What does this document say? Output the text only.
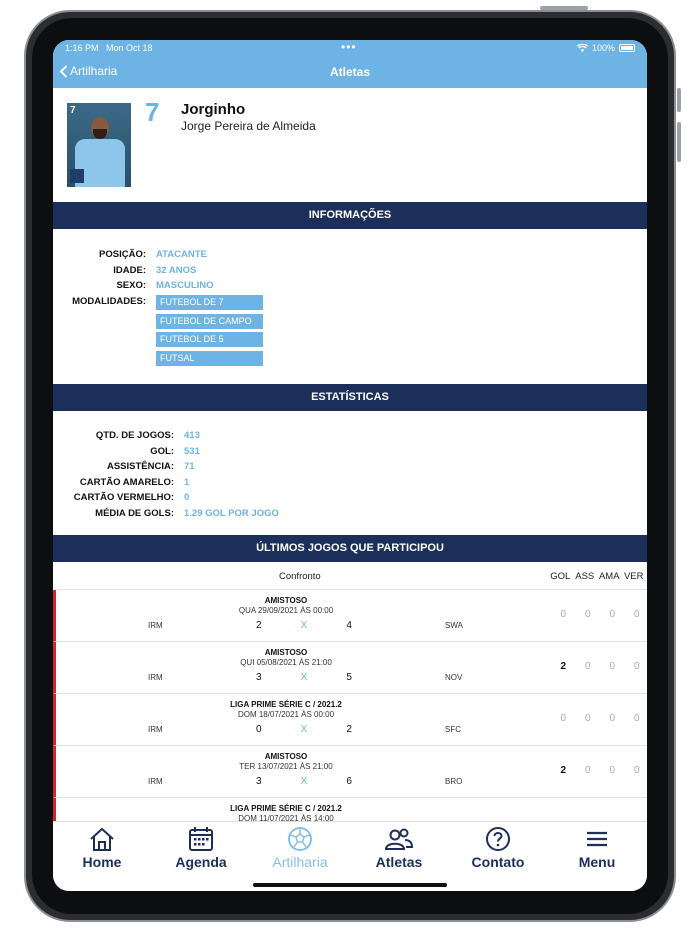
1:16 PM Mon Oct 18	•••	100%
Artilharia	Atletas
7	7 Jorginho
Jorge Pereira de Almeida
INFORMAÇÕES
POSIÇÃO:	ATACANTE
IDADE:	32 ANOS
SEXO:	MASCULINO
MODALIDADES:	FUTEBOL DE 7
FUTEBOL DE CAMPO
FUTEBOL DE 5
FUTSAL
ESTATÍSTICAS
QTD. DE JOGOS:	413
GOL:	531
ASSISTÊNCIA:	71
CARTÃO AMARELO:	1
CARTÃO VERMELHO:	0
MÉDIA DE GOLS:	1.29 GOL POR JOGO
ÚLTIMOS JOGOS QUE PARTICIPOU
Confronto	GOL ASS AMA VER
AMISTOSO
QUA 29/09/2021 ÀS 00:00
IRM	2	X	4	SWA
0	0	0	0
AMISTOSO
QUI 05/08/2021 ÀS 21:00
IRM	3	X	5	NOV
2	0	0	0
LIGA PRIME SÉRIE C / 2021.2
DOM 18/07/2021 ÀS 00:00
IRM	0	X	2	SFC
0	0	0	0
AMISTOSO
TER 13/07/2021 ÀS 21:00
IRM	3	X	6	BRO
2	0	0	0
LIGA PRIME SÉRIE C / 2021.2
DOM 11/07/2021 ÀS 14:00
Home	Agenda	Artilharia	Atletas	Contato	Menu
